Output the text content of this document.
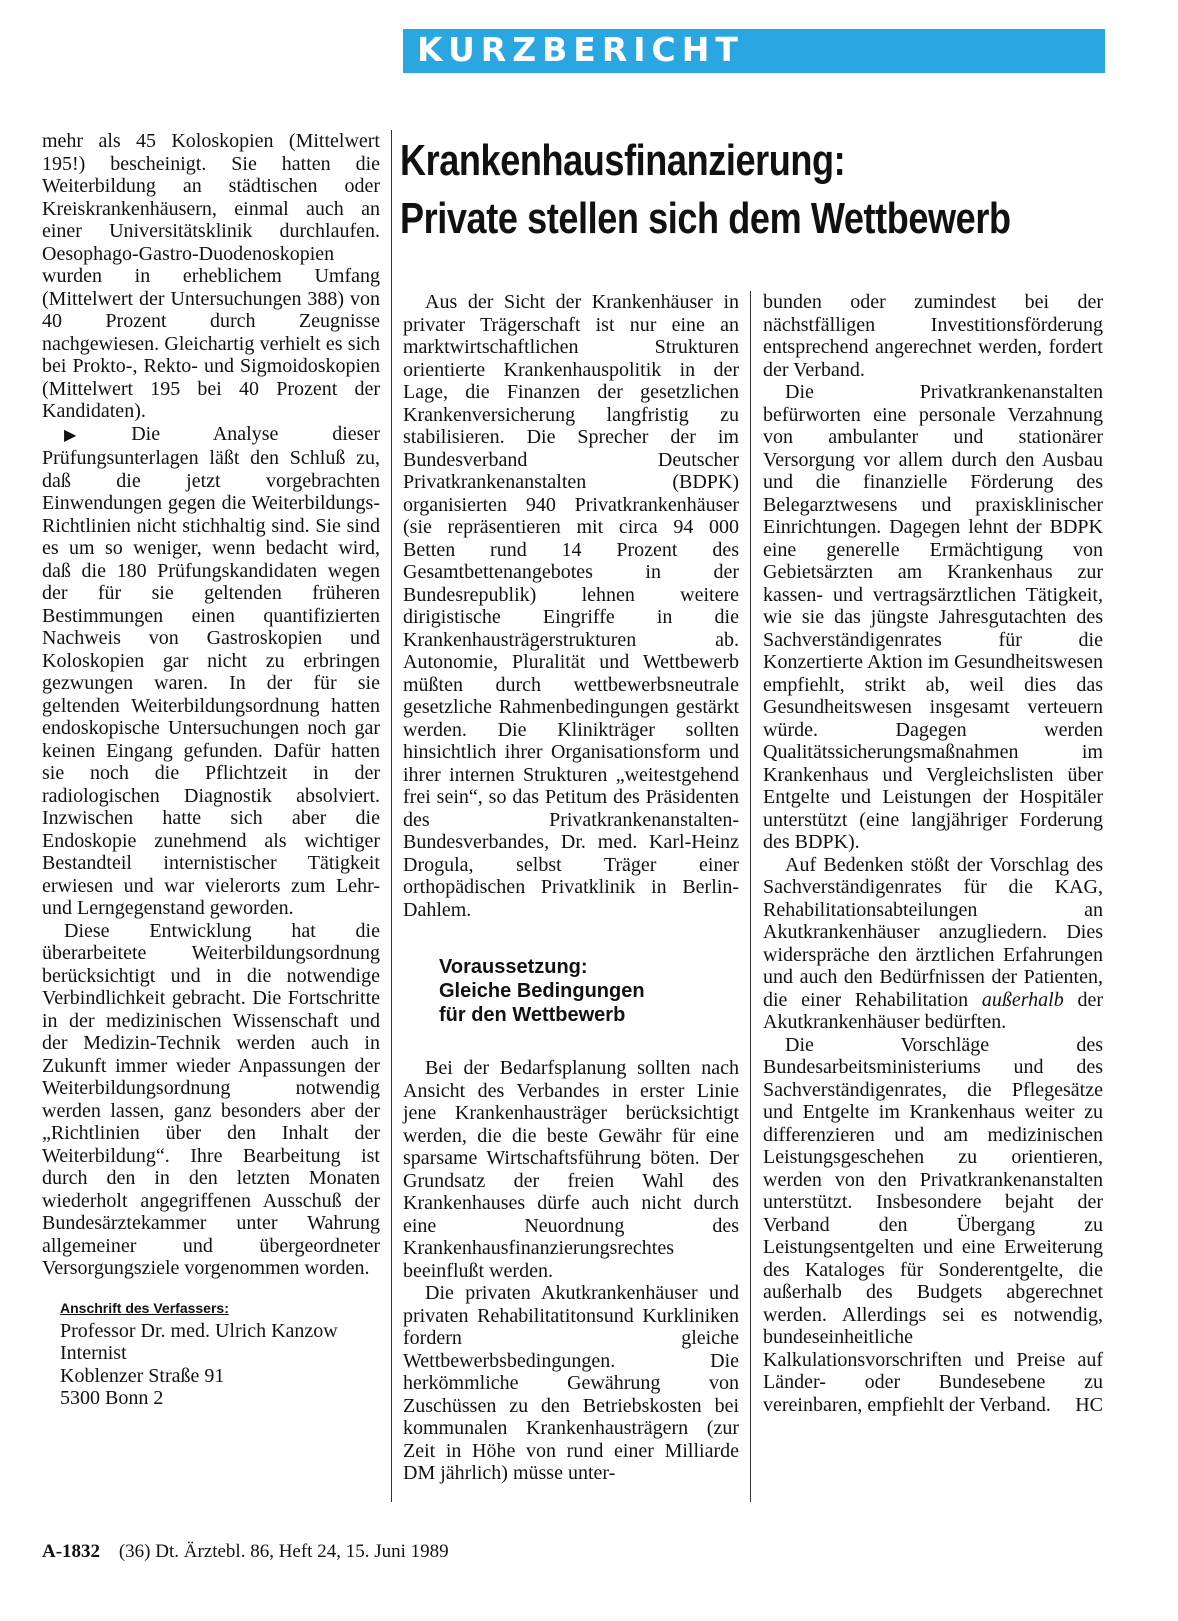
KURZBERICHT
Krankenhausfinanzierung:
Private stellen sich dem Wettbewerb

mehr als 45 Koloskopien (Mittelwert 195!) bescheinigt. Sie hatten die Weiterbildung an städtischen oder Kreiskrankenhäusern, einmal auch an einer Universitätsklinik durchlaufen. Oesophago-Gastro-Duodenoskopien wurden in erheblichem Umfang (Mittelwert der Untersuchungen 388) von 40 Prozent durch Zeugnisse nachgewiesen. Gleichartig verhielt es sich bei Prokto-, Rekto- und Sigmoidoskopien (Mittelwert 195 bei 40 Prozent der Kandidaten).

▶ Die Analyse dieser Prüfungsunterlagen läßt den Schluß zu, daß die jetzt vorgebrachten Einwendungen gegen die Weiterbildungs-Richtlinien nicht stichhaltig sind. Sie sind es um so weniger, wenn bedacht wird, daß die 180 Prüfungskandidaten wegen der für sie geltenden früheren Bestimmungen einen quantifizierten Nachweis von Gastroskopien und Koloskopien gar nicht zu erbringen gezwungen waren. In der für sie geltenden Weiterbildungsordnung hatten endoskopische Untersuchungen noch gar keinen Eingang gefunden. Dafür hatten sie noch die Pflichtzeit in der radiologischen Diagnostik absolviert. Inzwischen hatte sich aber die Endoskopie zunehmend als wichtiger Bestandteil internistischer Tätigkeit erwiesen und war vielerorts zum Lehr- und Lerngegenstand geworden.

Diese Entwicklung hat die überarbeitete Weiterbildungsordnung berücksichtigt und in die notwendige Verbindlichkeit gebracht. Die Fortschritte in der medizinischen Wissenschaft und der Medizin-Technik werden auch in Zukunft immer wieder Anpassungen der Weiterbildungsordnung notwendig werden lassen, ganz besonders aber der „Richtlinien über den Inhalt der Weiterbildung“. Ihre Bearbeitung ist durch den in den letzten Monaten wiederholt angegriffenen Ausschuß der Bundesärztekammer unter Wahrung allgemeiner und übergeordneter Versorgungsziele vorgenommen worden.

Anschrift des Verfassers:
Professor Dr. med. Ulrich Kanzow
Internist
Koblenzer Straße 91
5300 Bonn 2

Aus der Sicht der Krankenhäuser in privater Trägerschaft ist nur eine an marktwirtschaftlichen Strukturen orientierte Krankenhauspolitik in der Lage, die Finanzen der gesetzlichen Krankenversicherung langfristig zu stabilisieren. Die Sprecher der im Bundesverband Deutscher Privatkrankenanstalten (BDPK) organisierten 940 Privatkrankenhäuser (sie repräsentieren mit circa 94 000 Betten rund 14 Prozent des Gesamtbettenangebotes in der Bundesrepublik) lehnen weitere dirigistische Eingriffe in die Krankenhausträgerstrukturen ab. Autonomie, Pluralität und Wettbewerb müßten durch wettbewerbsneutrale gesetzliche Rahmenbedingungen gestärkt werden. Die Klinikträger sollten hinsichtlich ihrer Organisationsform und ihrer internen Strukturen „weitestgehend frei sein“, so das Petitum des Präsidenten des Privatkrankenanstalten-Bundesverbandes, Dr. med. Karl-Heinz Drogula, selbst Träger einer orthopädischen Privatklinik in Berlin-Dahlem.

Voraussetzung:
Gleiche Bedingungen
für den Wettbewerb

Bei der Bedarfsplanung sollten nach Ansicht des Verbandes in erster Linie jene Krankenhausträger berücksichtigt werden, die die beste Gewähr für eine sparsame Wirtschaftsführung böten. Der Grundsatz der freien Wahl des Krankenhauses dürfe auch nicht durch eine Neuordnung des Krankenhausfinanzierungsrechtes beeinflußt werden.

Die privaten Akutkrankenhäuser und privaten Rehabilitatitonsund Kurkliniken fordern gleiche Wettbewerbsbedingungen. Die herkömmliche Gewährung von Zuschüssen zu den Betriebskosten bei kommunalen Krankenhausträgern (zur Zeit in Höhe von rund einer Milliarde DM jährlich) müsse unter-

bunden oder zumindest bei der nächstfälligen Investitionsförderung entsprechend angerechnet werden, fordert der Verband.

Die Privatkrankenanstalten befürworten eine personale Verzahnung von ambulanter und stationärer Versorgung vor allem durch den Ausbau und die finanzielle Förderung des Belegarztwesens und praxisklinischer Einrichtungen. Dagegen lehnt der BDPK eine generelle Ermächtigung von Gebietsärzten am Krankenhaus zur kassen- und vertragsärztlichen Tätigkeit, wie sie das jüngste Jahresgutachten des Sachverständigenrates für die Konzertierte Aktion im Gesundheitswesen empfiehlt, strikt ab, weil dies das Gesundheitswesen insgesamt verteuern würde. Dagegen werden Qualitätssicherungsmaßnahmen im Krankenhaus und Vergleichslisten über Entgelte und Leistungen der Hospitäler unterstützt (eine langjähriger Forderung des BDPK).

Auf Bedenken stößt der Vorschlag des Sachverständigenrates für die KAG, Rehabilitationsabteilungen an Akutkrankenhäuser anzugliedern. Dies widerspräche den ärztlichen Erfahrungen und auch den Bedürfnissen der Patienten, die einer Rehabilitation außerhalb der Akutkrankenhäuser bedürften.

Die Vorschläge des Bundesarbeitsministeriums und des Sachverständigenrates, die Pflegesätze und Entgelte im Krankenhaus weiter zu differenzieren und am medizinischen Leistungsgeschehen zu orientieren, werden von den Privatkrankenanstalten unterstützt. Insbesondere bejaht der Verband den Übergang zu Leistungsentgelten und eine Erweiterung des Kataloges für Sonderentgelte, die außerhalb des Budgets abgerechnet werden. Allerdings sei es notwendig, bundeseinheitliche Kalkulationsvorschriften und Preise auf Länder- oder Bundesebene zu vereinbaren, empfiehlt der Verband.	HC

A-1832 (36) Dt. Ärztebl. 86, Heft 24, 15. Juni 1989
